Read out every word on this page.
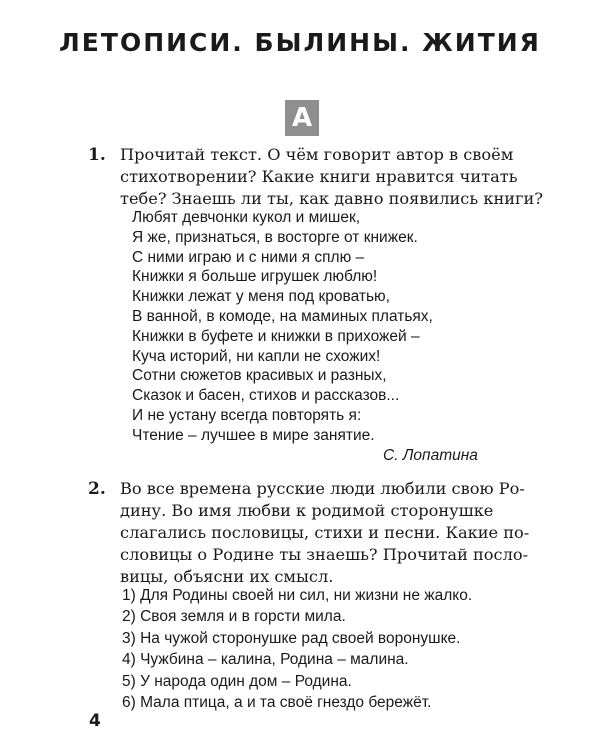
ЛЕТОПИСИ. БЫЛИНЫ. ЖИТИЯ
А
1. Прочитай текст. О чём говорит автор в своём
стихотворении? Какие книги нравится читать
тебе? Знаешь ли ты, как давно появились книги?
Любят девчонки кукол и мишек,
Я же, признаться, в восторге от книжек.
С ними играю и с ними я сплю –
Книжки я больше игрушек люблю!
Книжки лежат у меня под кроватью,
В ванной, в комоде, на маминых платьях,
Книжки в буфете и книжки в прихожей –
Куча историй, ни капли не схожих!
Сотни сюжетов красивых и разных,
Сказок и басен, стихов и рассказов...
И не устану всегда повторять я:
Чтение – лучшее в мире занятие.
С. Лопатина
2. Во все времена русские люди любили свою Ро-
дину. Во имя любви к родимой сторонушке
слагались пословицы, стихи и песни. Какие по-
словицы о Родине ты знаешь? Прочитай посло-
вицы, объясни их смысл.
1) Для Родины своей ни сил, ни жизни не жалко.
2) Своя земля и в горсти мила.
3) На чужой сторонушке рад своей воронушке.
4) Чужбина – калина, Родина – малина.
5) У народа один дом – Родина.
6) Мала птица, а и та своё гнездо бережёт.
4
